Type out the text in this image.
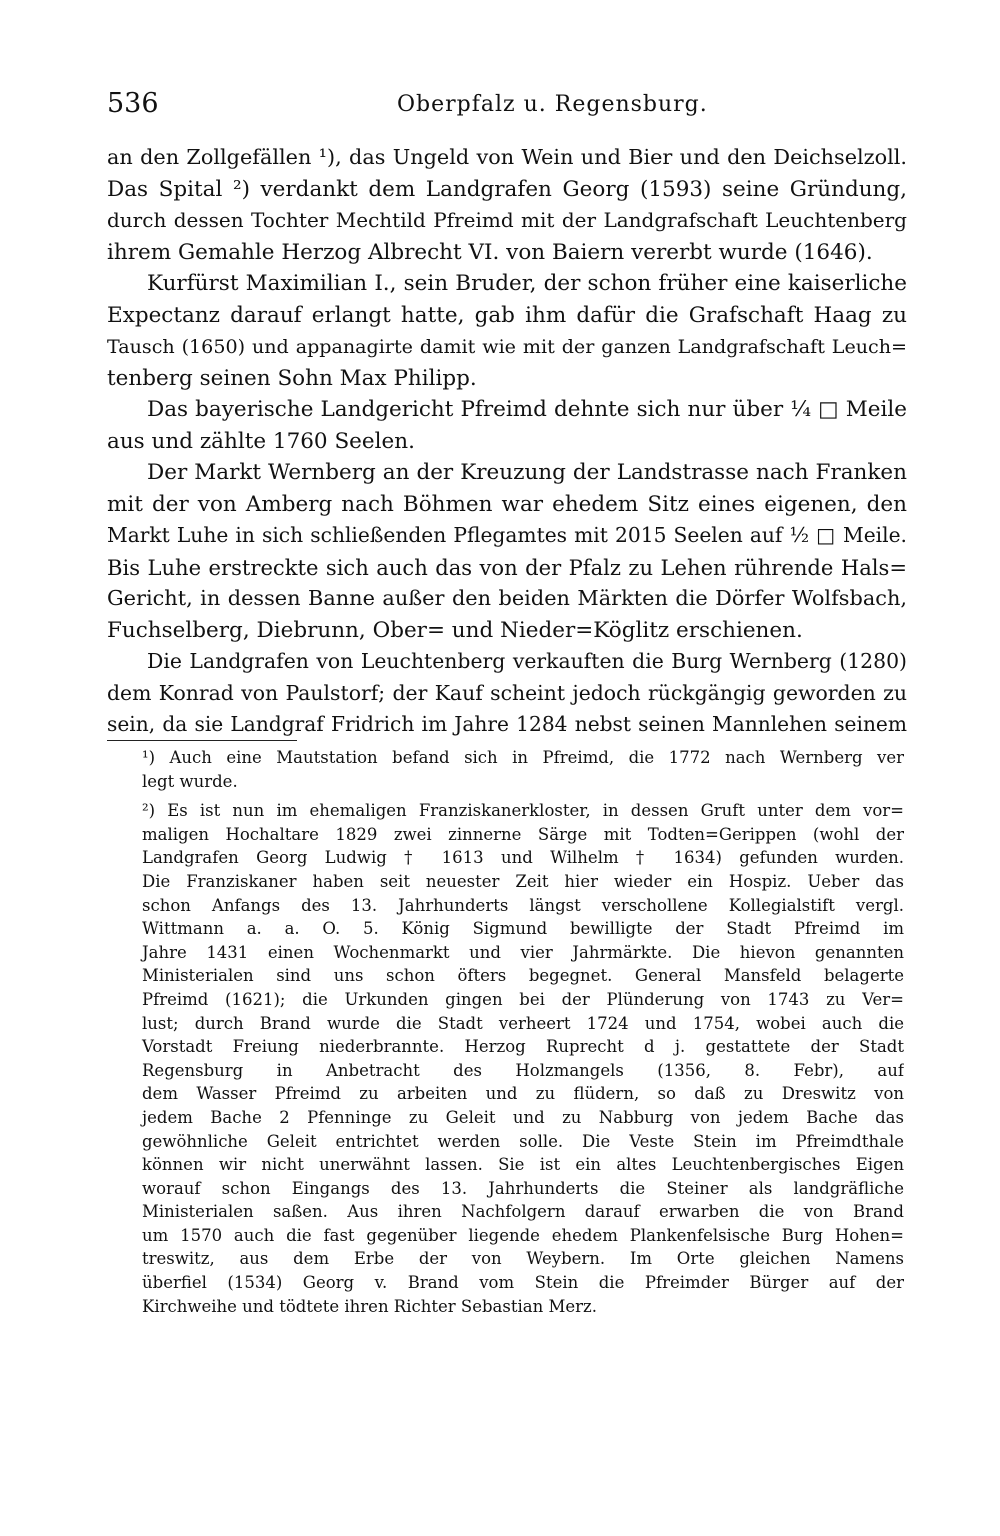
536	Oberpfalz u. Regensburg.
an den Zollgefällen ¹), das Ungeld von Wein und Bier und den Deichselzoll.
Das Spital ²) verdankt dem Landgrafen Georg (1593) seine Gründung,
durch dessen Tochter Mechtild Pfreimd mit der Landgrafschaft Leuchtenberg
ihrem Gemahle Herzog Albrecht VI. von Baiern vererbt wurde (1646).
Kurfürst Maximilian I., sein Bruder, der schon früher eine kaiserliche
Expectanz darauf erlangt hatte, gab ihm dafür die Grafschaft Haag zu
Tausch (1650) und appanagirte damit wie mit der ganzen Landgrafschaft Leuch=
tenberg seinen Sohn Max Philipp.
Das bayerische Landgericht Pfreimd dehnte sich nur über ¼ □ Meile
aus und zählte 1760 Seelen.
Der Markt Wernberg an der Kreuzung der Landstrasse nach Franken
mit der von Amberg nach Böhmen war ehedem Sitz eines eigenen, den
Markt Luhe in sich schließenden Pflegamtes mit 2015 Seelen auf ½ □ Meile.
Bis Luhe erstreckte sich auch das von der Pfalz zu Lehen rührende Hals=
Gericht, in dessen Banne außer den beiden Märkten die Dörfer Wolfsbach,
Fuchselberg, Diebrunn, Ober= und Nieder=Köglitz erschienen.
Die Landgrafen von Leuchtenberg verkauften die Burg Wernberg (1280)
dem Konrad von Paulstorf; der Kauf scheint jedoch rückgängig geworden zu
sein, da sie Landgraf Fridrich im Jahre 1284 nebst seinen Mannlehen seinem
¹) Auch eine Mautstation befand sich in Pfreimd, die 1772 nach Wernberg ver
legt wurde.
²) Es ist nun im ehemaligen Franziskanerkloster, in dessen Gruft unter dem vor=
maligen Hochaltare 1829 zwei zinnerne Särge mit Todten=Gerippen (wohl der
Landgrafen Georg Ludwig † 1613 und Wilhelm † 1634) gefunden wurden.
Die Franziskaner haben seit neuester Zeit hier wieder ein Hospiz. Ueber das
schon Anfangs des 13. Jahrhunderts längst verschollene Kollegialstift vergl.
Wittmann a. a. O. 5. König Sigmund bewilligte der Stadt Pfreimd im
Jahre 1431 einen Wochenmarkt und vier Jahrmärkte. Die hievon genannten
Ministerialen sind uns schon öfters begegnet. General Mansfeld belagerte
Pfreimd (1621); die Urkunden gingen bei der Plünderung von 1743 zu Ver=
lust; durch Brand wurde die Stadt verheert 1724 und 1754, wobei auch die
Vorstadt Freiung niederbrannte. Herzog Ruprecht d j. gestattete der Stadt
Regensburg in Anbetracht des Holzmangels (1356, 8. Febr), auf
dem Wasser Pfreimd zu arbeiten und zu flüdern, so daß zu Dreswitz von
jedem Bache 2 Pfenninge zu Geleit und zu Nabburg von jedem Bache das
gewöhnliche Geleit entrichtet werden solle. Die Veste Stein im Pfreimdthale
können wir nicht unerwähnt lassen. Sie ist ein altes Leuchtenbergisches Eigen
worauf schon Eingangs des 13. Jahrhunderts die Steiner als landgräfliche
Ministerialen saßen. Aus ihren Nachfolgern darauf erwarben die von Brand
um 1570 auch die fast gegenüber liegende ehedem Plankenfelsische Burg Hohen=
treswitz, aus dem Erbe der von Weybern. Im Orte gleichen Namens
überfiel (1534) Georg v. Brand vom Stein die Pfreimder Bürger auf der
Kirchweihe und tödtete ihren Richter Sebastian Merz.
